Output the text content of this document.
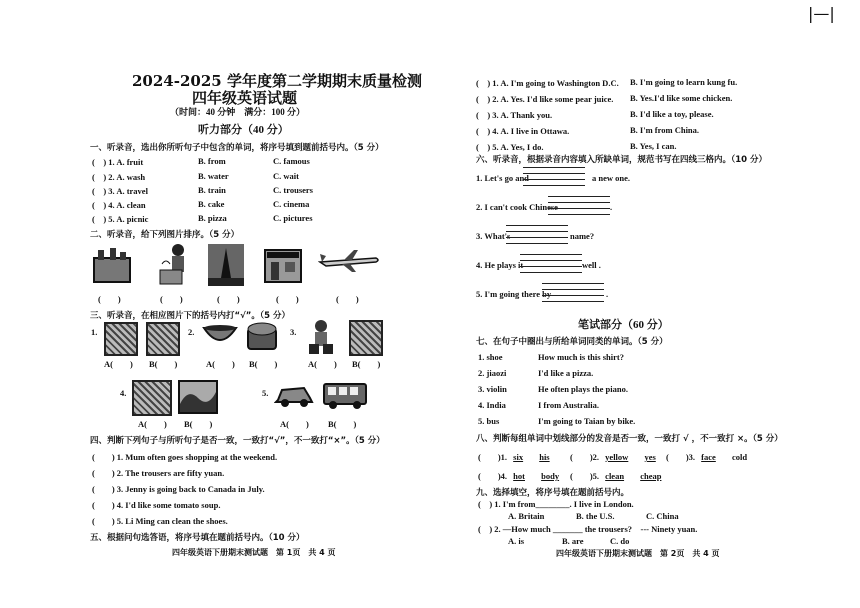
|—|
2024-2025 学年度第二学期期末质量检测
四年级英语试题
（时间：40 分钟　满分：100 分）
听力部分（40 分）
一、听录音，选出你所听句子中包含的单词，将序号填到题前括号内。（5 分）
(　) 1. A. fruit	B. from	C. famous
(　) 2. A. wash	B. water	C. wait
(　) 3. A. travel	B. train	C. trousers
(　) 4. A. clean	B. cake	C. cinema
(　) 5. A. picnic	B. pizza	C. pictures
二、听录音，给下列图片排序。（5 分）
(　　)	(　　)	(　　)	(　　)	(　　)
三、听录音，在相应图片下的括号内打“√”。（5 分）
1.	2.	3.
A(　　) B(　　)	A(　　) B(　　)	A(　　) B(　　)
4.	5.
A(　　) B(　　)	A(　　) B(　　)
四、判断下列句子与所听句子是否一致，一致打“√”，不一致打“×”。（5 分）
(　　) 1. Mum often goes shopping at the weekend.
(　　) 2. The trousers are fifty yuan.
(　　) 3. Jenny is going back to Canada in July.
(　　) 4. I'd like some tomato soup.
(　　) 5. Li Ming can clean the shoes.
五、根据问句选答语，将序号填在题前括号内。（10 分）
四年级英语下册期末测试题　第 1页　共 4 页
(　) 1. A. I'm going to Washington D.C. B. I'm going to learn kung fu.
(　) 2. A. Yes. I'd like some pear juice. B. Yes.I'd like some chicken.
(　) 3. A. Thank you.	B. I'd like a toy, please.
(　) 4. A. I live in Ottawa.	B. I'm from China.
(　) 5. A. Yes, I do.	B. Yes, I can.
六、听录音，根据录音内容填入所缺单词，规范书写在四线三格内。（10 分）
1. Let's go and	a new one.
2. I can't cook Chinese	.
3. What's	name?
4. He plays it	well .
5. I'm going there by	.
笔试部分（60 分）
七、在句子中圈出与所给单词同类的单词。（5 分）
1. shoe	How much is this shirt?
2. jiaozi	I'd like a pizza.
3. violin	He often plays the piano.
4. India	I from Australia.
5. bus	I'm going to Taian by bike.
八、判断每组单词中划线部分的发音是否一致，一致打 √ ，不一致打 ×。（5 分）
(　　)1. six his (　　)2. yellow yes (　　)3. face cold
(　　)4. hot body (　　)5. clean cheap
九、选择填空，将序号填在题前括号内。
(　) 1. I'm from________. I live in London.
A. Britain	B. the U.S.	C. China
(　) 2. —How much _______ the trousers?　--- Ninety yuan.
A. is	B. are	C. do
四年级英语下册期末测试题　第 2页　共 4 页
